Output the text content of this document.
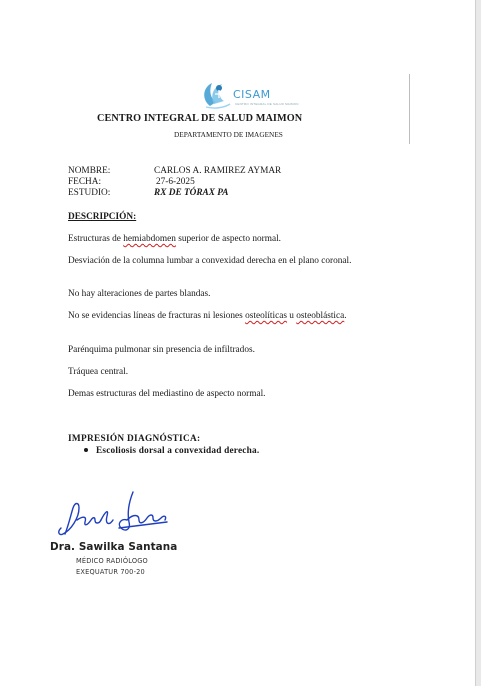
CISAM
CENTRO INTEGRAL DE SALUD MAIMON
CENTRO INTEGRAL DE SALUD MAIMON
DEPARTAMENTO DE IMAGENES
NOMBRE:	CARLOS A. RAMIREZ AYMAR
FECHA:	27-6-2025
ESTUDIO:	RX DE TÓRAX PA
DESCRIPCIÓN:
Estructuras de hemiabdomen superior de aspecto normal.
Desviación de la columna lumbar a convexidad derecha en el plano coronal.
No hay alteraciones de partes blandas.
No se evidencias líneas de fracturas ni lesiones osteolíticas u osteoblástica.
Parénquima pulmonar sin presencia de infiltrados.
Tráquea central.
Demas estructuras del mediastino de aspecto normal.
IMPRESIÓN DIAGNÓSTICA:
Escoliosis dorsal a convexidad derecha.
Dra. Sawilka Santana
MÉDICO RADIÓLOGO
EXEQUATUR 700-20
